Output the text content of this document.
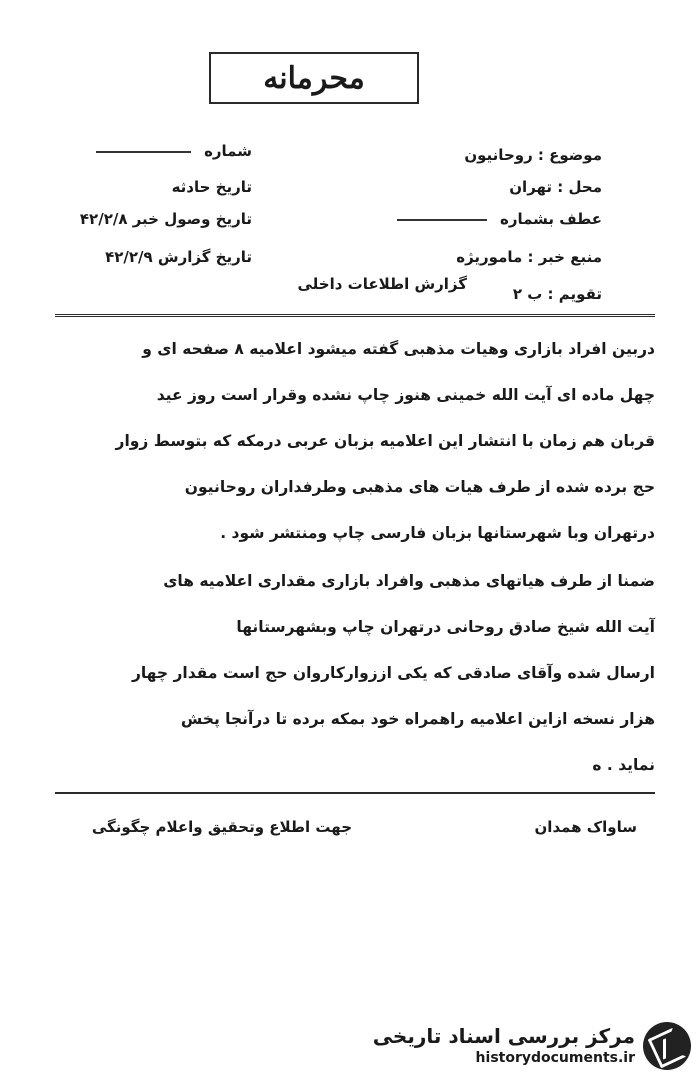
محرمانه
موضوع : روحانیون
محل : تهران
عطف بشماره
منبع خبر : ماموریژه
تقویم : ب ۲
شماره
تاریخ حادثه
تاریخ وصول خبر ۴۲/۲/۸
تاریخ گزارش ۴۲/۲/۹
گزارش اطلاعات داخلی
دربین افراد بازاری وهیات مذهبی گفته میشود اعلامیه ۸ صفحه ای و
چهل ماده ای آیت الله خمینی هنوز چاپ نشده وقرار است روز عید
قربان هم زمان با انتشار این اعلامیه بزبان عربی درمکه که بتوسط زوار
حج برده شده از طرف هیات های مذهبی وطرفداران روحانیون
درتهران وبا شهرستانها بزبان فارسی چاپ ومنتشر شود .
ضمنا از طرف هیاتهای مذهبی وافراد بازاری مقداری اعلامیه های
آیت الله شیخ صادق روحانی درتهران چاپ وبشهرستانها
ارسال شده وآقای صادقی که یکی اززوارکاروان حج است مقدار چهار
هزار نسخه ازاین اعلامیه راهمراه خود بمکه برده تا درآنجا پخش
نماید . ه
ساواک همدان
جهت اطلاع وتحقیق واعلام چگونگی
مرکز بررسی اسناد تاریخی
historydocuments.ir
